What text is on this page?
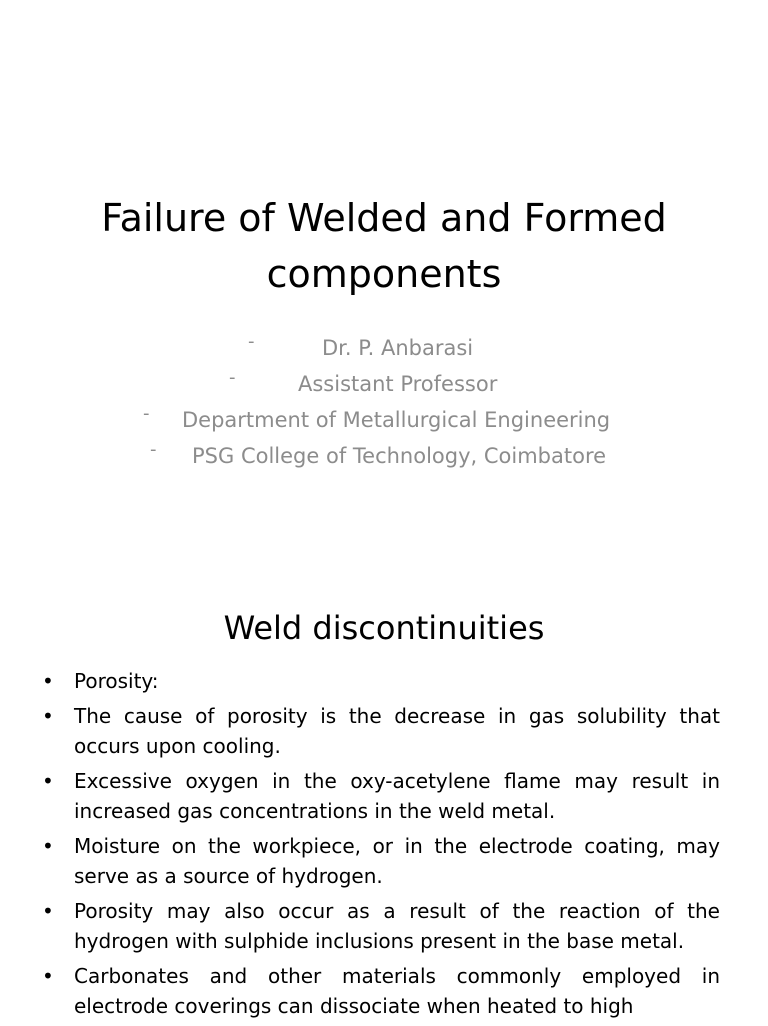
Failure of Welded and Formed components
-	Dr. P. Anbarasi
-	Assistant Professor
- Department of Metallurgical Engineering
- PSG College of Technology, Coimbatore
Weld discontinuities
• Porosity:
• The cause of porosity is the decrease in gas solubility that occurs upon cooling.
• Excessive oxygen in the oxy-acetylene flame may result in increased gas concentrations in the weld metal.
• Moisture on the workpiece, or in the electrode coating, may serve as a source of hydrogen.
• Porosity may also occur as a result of the reaction of the hydrogen with sulphide inclusions present in the base metal.
• Carbonates and other materials commonly employed in electrode coverings can dissociate when heated to high
